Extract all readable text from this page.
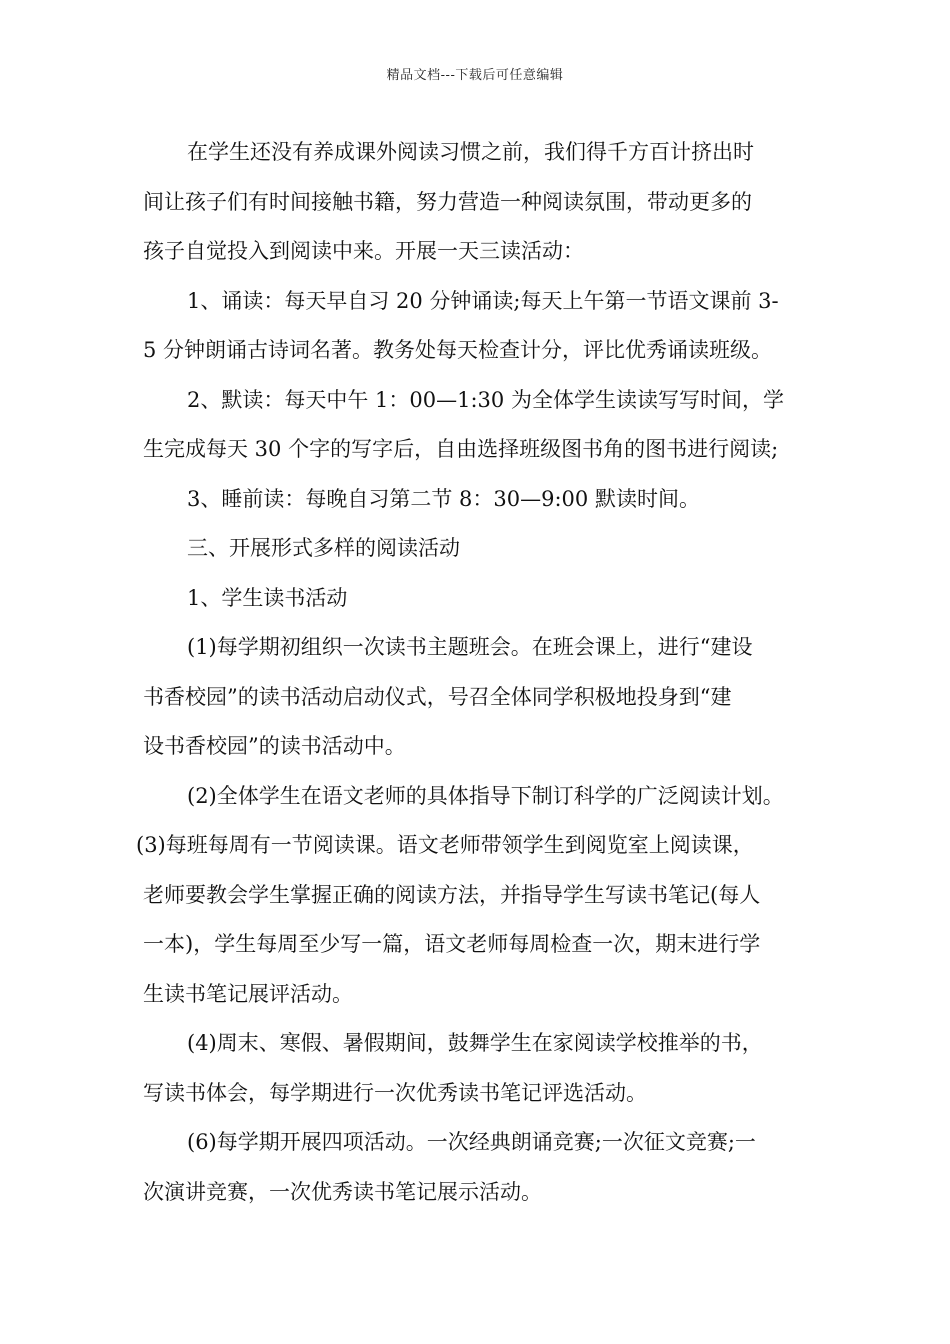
精品文档---下载后可任意编辑
在学生还没有养成课外阅读习惯之前，我们得千方百计挤出时
间让孩子们有时间接触书籍，努力营造一种阅读氛围，带动更多的
孩子自觉投入到阅读中来。开展一天三读活动：
1、诵读：每天早自习 20 分钟诵读;每天上午第一节语文课前 3-
5 分钟朗诵古诗词名著。教务处每天检查计分，评比优秀诵读班级。
2、默读：每天中午 1：00—1:30 为全体学生读读写写时间，学
生完成每天 30 个字的写字后，自由选择班级图书角的图书进行阅读;
3、睡前读：每晚自习第二节 8：30—9:00 默读时间。
三、开展形式多样的阅读活动
1、学生读书活动
(1)每学期初组织一次读书主题班会。在班会课上，进行“建设
书香校园”的读书活动启动仪式，号召全体同学积极地投身到“建
设书香校园”的读书活动中。
(2)全体学生在语文老师的具体指导下制订科学的广泛阅读计划。
(3)每班每周有一节阅读课。语文老师带领学生到阅览室上阅读课，
老师要教会学生掌握正确的阅读方法，并指导学生写读书笔记(每人
一本)，学生每周至少写一篇，语文老师每周检查一次，期末进行学
生读书笔记展评活动。
(4)周末、寒假、暑假期间，鼓舞学生在家阅读学校推举的书，
写读书体会，每学期进行一次优秀读书笔记评选活动。
(6)每学期开展四项活动。一次经典朗诵竞赛;一次征文竞赛;一
次演讲竞赛，一次优秀读书笔记展示活动。
